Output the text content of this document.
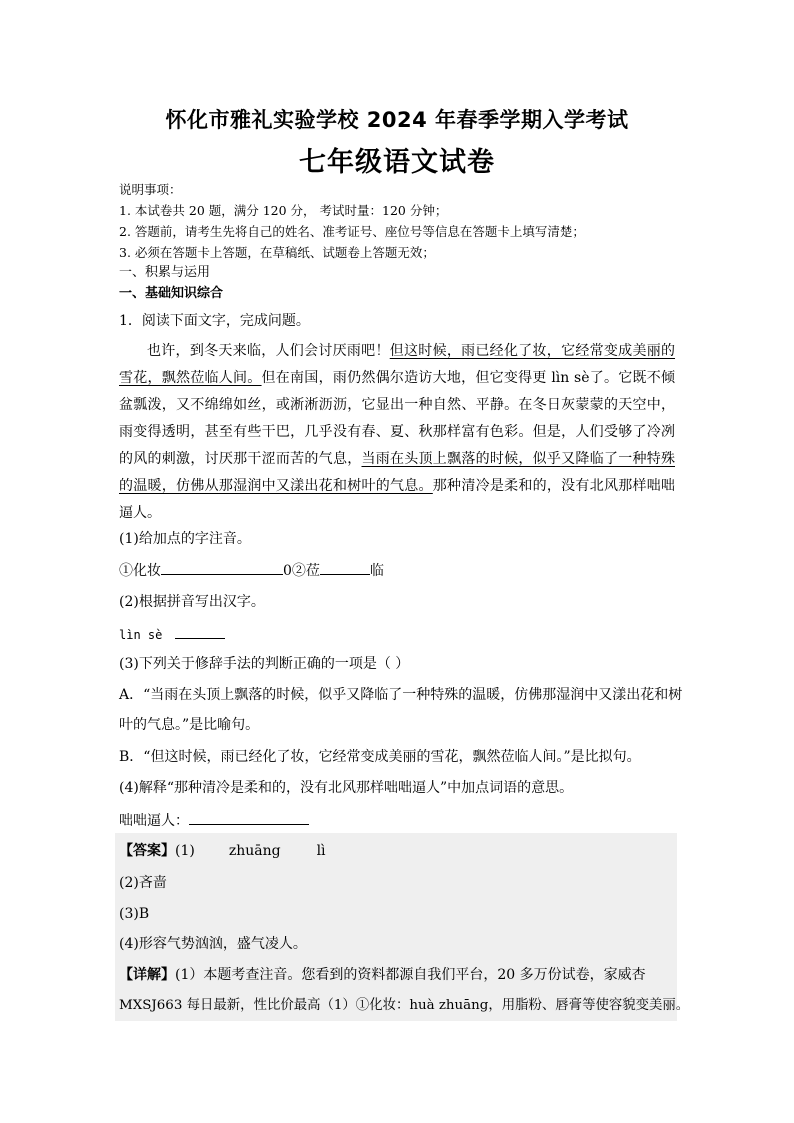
怀化市雅礼实验学校 2024 年春季学期入学考试
七年级语文试卷
说明事项：
1. 本试卷共 20 题，满分 120 分， 考试时量：120 分钟；
2. 答题前，请考生先将自己的姓名、准考证号、座位号等信息在答题卡上填写清楚；
3. 必须在答题卡上答题，在草稿纸、试题卷上答题无效；
一、积累与运用
一、基础知识综合
1．阅读下面文字，完成问题。
也许，到冬天来临，人们会讨厌雨吧！但这时候，雨已经化了妆，它经常变成美丽的雪花，飘然莅临人间。但在南国，雨仍然偶尔造访大地，但它变得更 lìn sè了。它既不倾盆瓢泼，又不绵绵如丝，或淅淅沥沥，它显出一种自然、平静。在冬日灰蒙蒙的天空中，雨变得透明，甚至有些干巴，几乎没有春、夏、秋那样富有色彩。但是，人们受够了冷冽的风的刺激，讨厌那干涩而苦的气息，当雨在头顶上飘落的时候，似乎又降临了一种特殊的温暖，仿佛从那湿润中又漾出花和树叶的气息。那种清冷是柔和的，没有北风那样咄咄逼人。
(1)给加点的字注音。
①化妆	0②莅	临
(2)根据拼音写出汉字。
lìn sè
(3)下列关于修辞手法的判断正确的一项是（ ）
A．“当雨在头顶上飘落的时候，似乎又降临了一种特殊的温暖，仿佛那湿润中又漾出花和树
叶的气息。”是比喻句。
B．“但这时候，雨已经化了妆，它经常变成美丽的雪花，飘然莅临人间。”是比拟句。
(4)解释“那种清冷是柔和的，没有北风那样咄咄逼人”中加点词语的意思。
咄咄逼人：
【答案】(1) zhuāng	lì
(2)吝啬
(3)B
(4)形容气势汹汹，盛气凌人。
【详解】(1）本题考查注音。您看到的资料都源自我们平台，20 多万份试卷，家威杏
MXSJ663 每日最新，性比价最高（1）①化妆：huà zhuāng，用脂粉、唇膏等使容貌变美丽。
